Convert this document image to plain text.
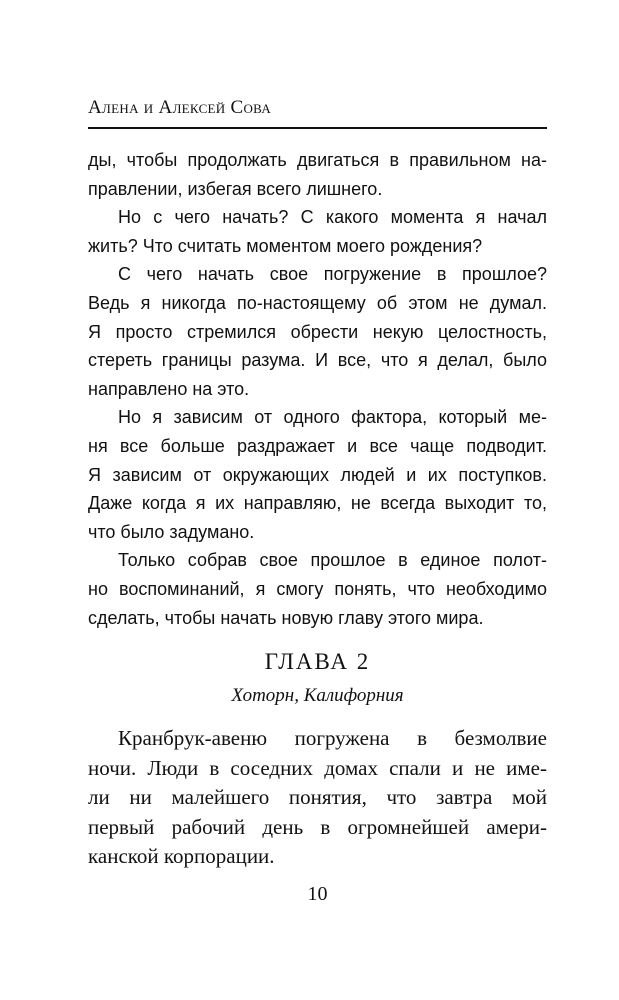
Алена и Алексей Сова
ды, чтобы продолжать двигаться в правильном на-
правлении, избегая всего лишнего.
Но с чего начать? С какого момента я начал
жить? Что считать моментом моего рождения?
С чего начать свое погружение в прошлое?
Ведь я никогда по-настоящему об этом не думал.
Я просто стремился обрести некую целостность,
стереть границы разума. И все, что я делал, было
направлено на это.
Но я зависим от одного фактора, который ме-
ня все больше раздражает и все чаще подводит.
Я зависим от окружающих людей и их поступков.
Даже когда я их направляю, не всегда выходит то,
что было задумано.
Только собрав свое прошлое в единое полот-
но воспоминаний, я смогу понять, что необходимо
сделать, чтобы начать новую главу этого мира.
ГЛАВА 2
Хоторн, Калифорния
Кранбрук-авеню погружена в безмолвие
ночи. Люди в соседних домах спали и не име-
ли ни малейшего понятия, что завтра мой
первый рабочий день в огромнейшей амери-
канской корпорации.
10
